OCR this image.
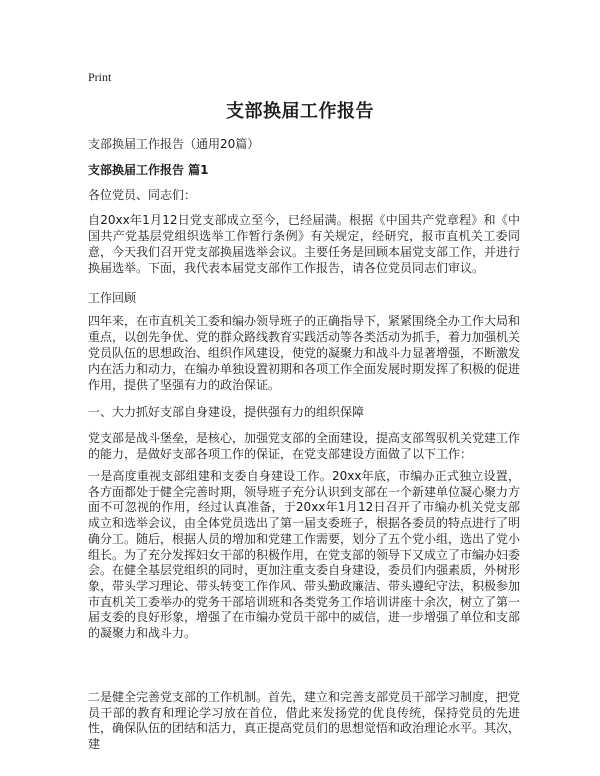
Print
支部换届工作报告
支部换届工作报告（通用20篇）
支部换届工作报告 篇1

各位党员、同志们：

自20xx年1月12日党支部成立至今，已经届满。根据《中国共产党章程》和《中国共产党基层党组织选举工作暂行条例》有关规定，经研究，报市直机关工委同意，今天我们召开党支部换届选举会议。主要任务是回顾本届党支部工作，并进行换届选举。下面，我代表本届党支部作工作报告，请各位党员同志们审议。

工作回顾

四年来，在市直机关工委和编办领导班子的正确指导下，紧紧围绕全办工作大局和重点，以创先争优、党的群众路线教育实践活动等各类活动为抓手，着力加强机关党员队伍的思想政治、组织作风建设，使党的凝聚力和战斗力显著增强，不断激发内在活力和动力，在编办单独设置初期和各项工作全面发展时期发挥了积极的促进作用，提供了坚强有力的政治保证。

一、大力抓好支部自身建设，提供强有力的组织保障

党支部是战斗堡垒，是核心，加强党支部的全面建设，提高支部驾驭机关党建工作的能力，是做好支部各项工作的保证，在党支部建设方面做了以下工作：

一是高度重视支部组建和支委自身建设工作。20xx年底，市编办正式独立设置，各方面都处于健全完善时期，领导班子充分认识到支部在一个新建单位凝心聚力方面不可忽视的作用，经过认真准备，于20xx年1月12日召开了市编办机关党支部成立和选举会议，由全体党员选出了第一届支委班子，根据各委员的特点进行了明确分工。随后，根据人员的增加和党建工作需要，划分了五个党小组，选出了党小组长。为了充分发挥妇女干部的积极作用，在党支部的领导下又成立了市编办妇委会。在健全基层党组织的同时，更加注重支委自身建设，委员们内强素质，外树形象，带头学习理论、带头转变工作作风、带头勤政廉洁、带头遵纪守法，积极参加市直机关工委举办的党务干部培训班和各类党务工作培训讲座十余次，树立了第一届支委的良好形象，增强了在市编办党员干部中的威信，进一步增强了单位和支部的凝聚力和战斗力。

二是健全完善党支部的工作机制。首先，建立和完善支部党员干部学习制度，把党员干部的教育和理论学习放在首位，借此来发扬党的优良传统，保持党员的先进性，确保队伍的团结和活力，真正提高党员们的思想觉悟和政治理论水平。其次，建
